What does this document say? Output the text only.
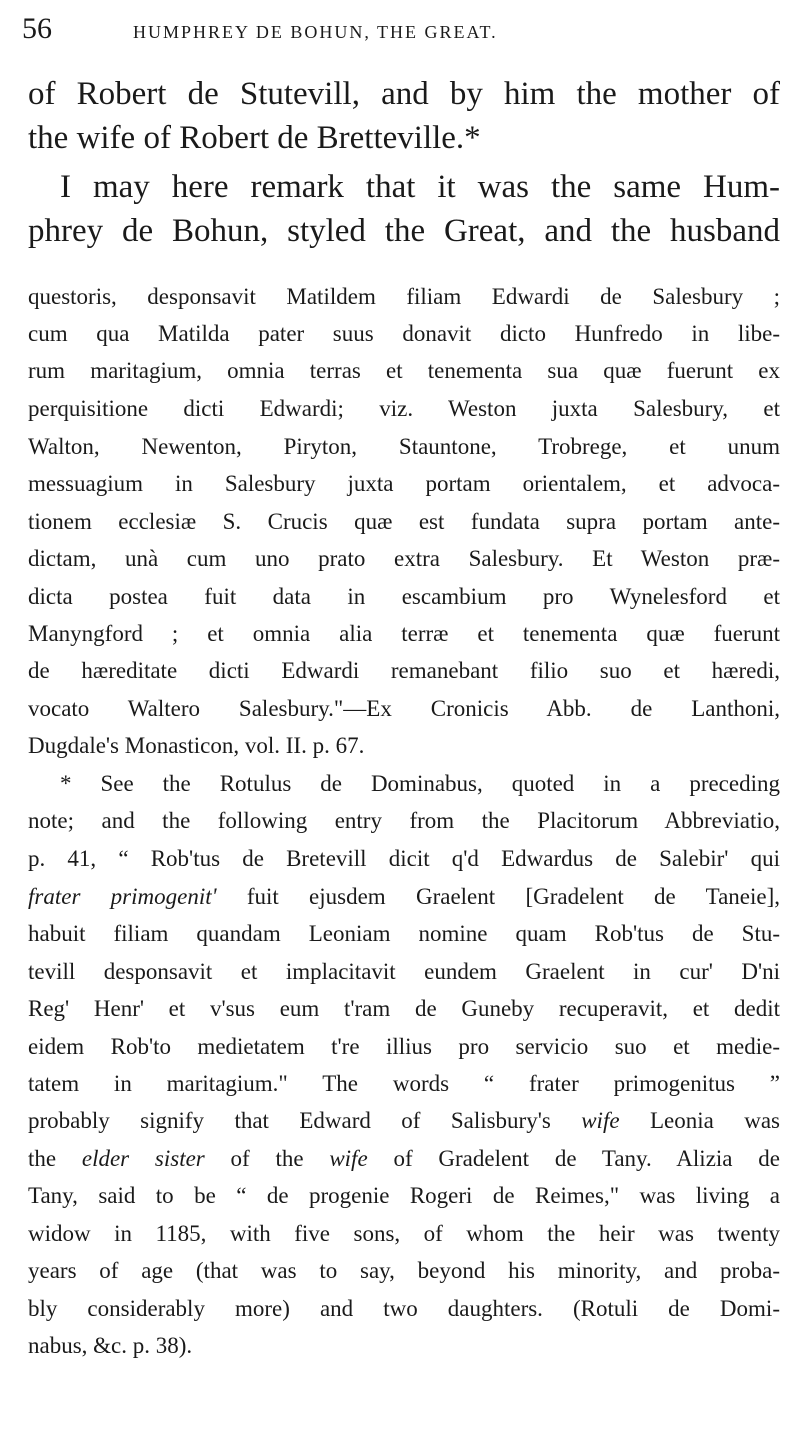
56	HUMPHREY DE BOHUN, THE GREAT.
of Robert de Stutevill, and by him the mother of
the wife of Robert de Bretteville.*
I may here remark that it was the same Hum-
phrey de Bohun, styled the Great, and the husband
questoris, desponsavit Matildem filiam Edwardi de Salesbury ;
cum qua Matilda pater suus donavit dicto Hunfredo in libe-
rum maritagium, omnia terras et tenementa sua quæ fuerunt ex
perquisitione dicti Edwardi; viz. Weston juxta Salesbury, et
Walton, Newenton, Piryton, Stauntone, Trobrege, et unum
messuagium in Salesbury juxta portam orientalem, et advoca-
tionem ecclesiæ S. Crucis quæ est fundata supra portam ante-
dictam, unà cum uno prato extra Salesbury. Et Weston præ-
dicta postea fuit data in escambium pro Wynelesford et
Manyngford ; et omnia alia terræ et tenementa quæ fuerunt
de hæreditate dicti Edwardi remanebant filio suo et hæredi,
vocato Waltero Salesbury."—Ex Cronicis Abb. de Lanthoni,
Dugdale's Monasticon, vol. II. p. 67.
* See the Rotulus de Dominabus, quoted in a preceding
note; and the following entry from the Placitorum Abbreviatio,
p. 41, “ Rob'tus de Bretevill dicit q'd Edwardus de Salebir' qui
frater primogenit' fuit ejusdem Graelent [Gradelent de Taneie],
habuit filiam quandam Leoniam nomine quam Rob'tus de Stu-
tevill desponsavit et implacitavit eundem Graelent in cur' D'ni
Reg' Henr' et v'sus eum t'ram de Guneby recuperavit, et dedit
eidem Rob'to medietatem t're illius pro servicio suo et medie-
tatem in maritagium." The words “ frater primogenitus ”
probably signify that Edward of Salisbury's wife Leonia was
the elder sister of the wife of Gradelent de Tany. Alizia de
Tany, said to be “ de progenie Rogeri de Reimes," was living a
widow in 1185, with five sons, of whom the heir was twenty
years of age (that was to say, beyond his minority, and proba-
bly considerably more) and two daughters. (Rotuli de Domi-
nabus, &c. p. 38).
